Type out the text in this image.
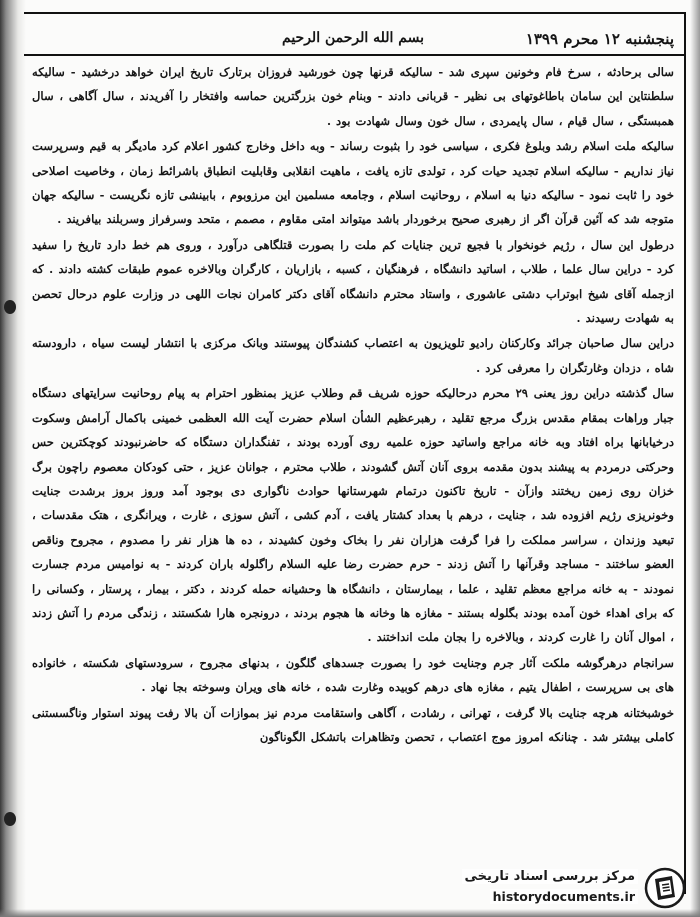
پنجشنبه ۱۲ محرم ۱۳۹۹
بسم الله الرحمن الرحیم

سالی برحادثه ، سرخ فام وخونین سپری شد - سالیکه قرنها چون خورشید فروزان برتارک تاریخ ایران خواهد درخشید - سالیکه سلطنتاین این سامان باطاغوتهای بی نظیر - قربانی دادند - وبنام خون بزرگترین حماسه وافتخار را آفریدند ، سال آگاهی ، سال همبستگی ، سال قیام ، سال پایمردی ، سال خون وسال شهادت بود .

سالیکه ملت اسلام رشد وبلوغ فکری ، سیاسی خود را بثبوت رساند - وبه داخل وخارج کشور اعلام کرد مادیگر به قیم وسرپرست نیاز نداریم - سالیکه اسلام تجدید حیات کرد ، تولدی تازه یافت ، ماهیت انقلابی وقابلیت انطباق باشرائط زمان ، وخاصیت اصلاحی خود را ثابت نمود - سالیکه دنیا به اسلام ، روحانیت اسلام ، وجامعه مسلمین این مرزوبوم ، بابینشی تازه نگریست - سالیکه جهان متوجه شد که آئین قرآن اگر از رهبری صحیح برخوردار باشد میتواند امتی مقاوم ، مصمم ، متحد وسرفراز وسربلند بیافریند .

درطول این سال ، رژیم خونخوار با فجیع ترین جنایات کم ملت را بصورت قتلگاهی درآورد ، وروی هم خط دارد تاریخ را سفید کرد - دراین سال علما ، طلاب ، اساتید دانشگاه ، فرهنگیان ، کسبه ، بازاریان ، کارگران وبالاخره عموم طبقات کشته دادند . که ازجمله آقای شیخ ابوتراب دشتی عاشوری ، واستاد محترم دانشگاه آقای دکتر کامران نجات اللهی در وزارت علوم درحال تحصن به شهادت رسیدند .

دراین سال صاحبان جرائد وکارکنان رادیو تلویزیون به اعتصاب کشندگان پیوستند وبانک مرکزی با انتشار لیست سیاه ، دارودسته شاه ، دزدان وغارتگران را معرفی کرد .

سال گذشته دراین روز یعنی ۲۹ محرم درحالیکه حوزه شریف قم وطلاب عزیز بمنظور احترام به پیام روحانیت سرایتهای دستگاه جبار وراهات بمقام مقدس بزرگ مرجع تقلید ، رهبرعظیم الشأن اسلام حضرت آیت الله العظمی خمینی باکمال آرامش وسکوت درخیابانها براه افتاد وبه خانه مراجع واساتید حوزه علمیه روی آورده بودند ، تفنگداران دستگاه که حاضرنبودند کوچکترین حس وحرکتی درمردم به پیشند بدون مقدمه بروی آنان آتش گشودند ، طلاب محترم ، جوانان عزیز ، حتی کودکان معصوم راچون برگ خزان روی زمین ریختند وازآن - تاریخ تاکنون درتمام شهرستانها حوادث ناگواری دی بوجود آمد وروز بروز برشدت جنایت وخونریزی رژیم افزوده شد ، جنایت ، درهم با بعداد کشتار یافت ، آدم کشی ، آتش سوزی ، غارت ، ویرانگری ، هتک مقدسات ، تبعید وزندان ، سراسر مملکت را فرا گرفت هزاران نفر را بخاک وخون کشیدند ، ده ها هزار نفر را مصدوم ، مجروح وناقص العضو ساختند - مساجد وقرآنها را آتش زدند - حرم حضرت رضا علیه السلام راگلوله باران کردند - به نوامیس مردم جسارت نمودند - به خانه مراجع معظم تقلید ، علما ، بیمارستان ، دانشگاه ها وحشیانه حمله کردند ، دکتر ، بیمار ، پرستار ، وکسانی را که برای اهداء خون آمده بودند بگلوله بستند - مغازه ها وخانه ها هجوم بردند ، درونجره هارا شکستند ، زندگی مردم را آتش زدند ، اموال آنان را غارت کردند ، وبالاخره را بجان ملت انداختند .

سرانجام درهرگوشه ملکت آثار جرم وجنایت خود را بصورت جسدهای گلگون ، بدنهای مجروح ، سرودستهای شکسته ، خانواده های بی سرپرست ، اطفال یتیم ، مغازه های درهم کوبیده وغارت شده ، خانه های ویران وسوخته بجا نهاد .

خوشبختانه هرچه جنایت بالا گرفت ، تهرانی ، رشادت ، آگاهی واستقامت مردم نیز بموازات آن بالا رفت پیوند استوار وناگسستنی کاملی بیشتر شد . چنانکه امروز موج اعتصاب ، تحصن وتظاهرات باتشکل الگوناگون

مرکز بررسی اسناد تاریخی
historydocuments.ir
